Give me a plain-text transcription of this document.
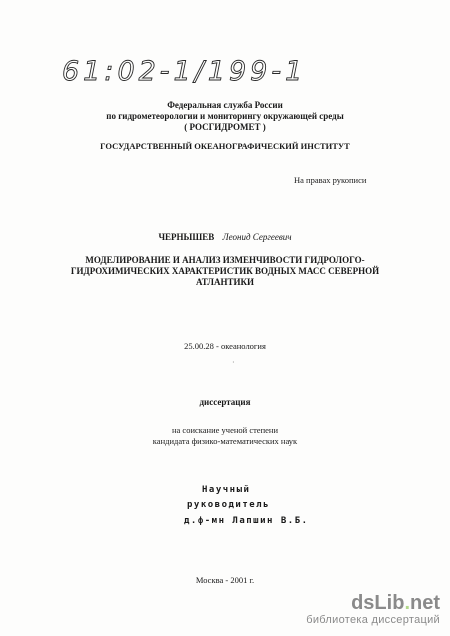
61:02-1/199-1
Федеральная служба России
по гидрометеорологии и мониторингу окружающей среды
( РОСГИДРОМЕТ )
ГОСУДАРСТВЕННЫЙ ОКЕАНОГРАФИЧЕСКИЙ ИНСТИТУТ
На правах рукописи
ЧЕРНЫШЕВ Леонид Сергеевич
МОДЕЛИРОВАНИЕ И АНАЛИЗ ИЗМЕНЧИВОСТИ ГИДРОЛОГО-
ГИДРОХИМИЧЕСКИХ ХАРАКТЕРИСТИК ВОДНЫХ МАСС СЕВЕРНОЙ
АТЛАНТИКИ
25.00.28 - океанология
·
диссертация
на соискание ученой степени
кандидата физико-математических наук
Научный
руководитель
д.ф-мн Лапшин В.Б.
Москва - 2001 г.
dsLib.net
библиотека диссертаций
